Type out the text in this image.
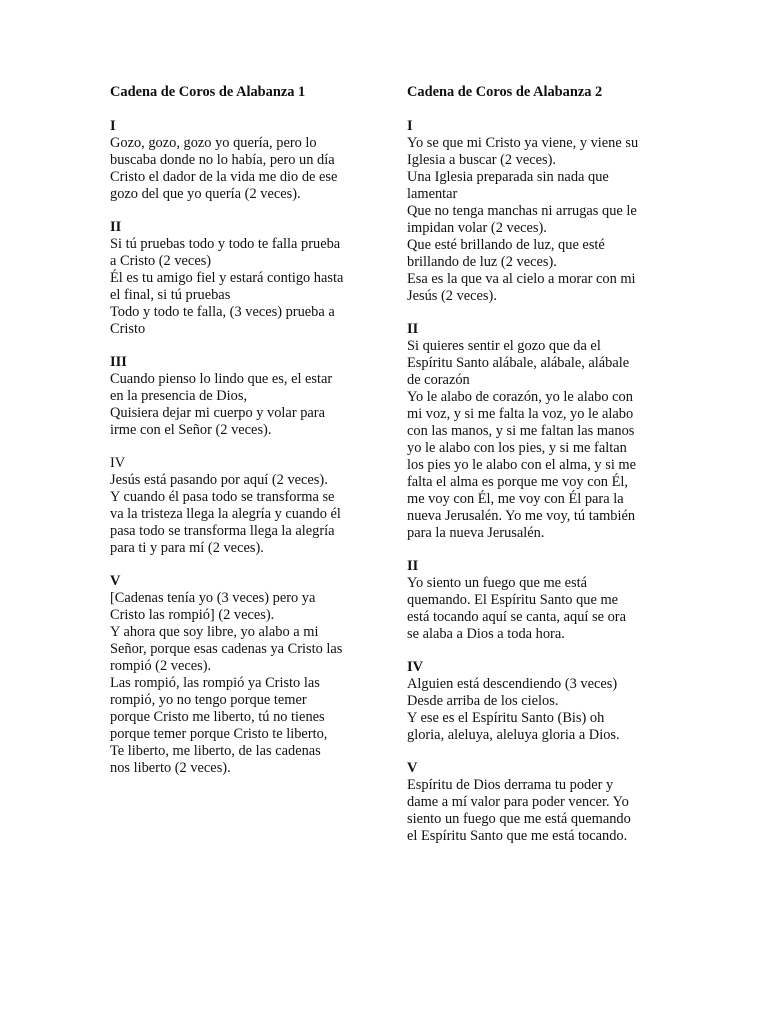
Cadena de Coros de Alabanza 1

I

Gozo, gozo, gozo yo quería, pero lo

buscaba donde no lo había, pero un día

Cristo el dador de la vida me dio de ese

gozo del que yo quería (2 veces).

II

Si tú pruebas todo y todo te falla prueba

a Cristo (2 veces)

Él es tu amigo fiel y estará contigo hasta

el final, si tú pruebas

Todo y todo te falla, (3 veces) prueba a

Cristo

III

Cuando pienso lo lindo que es, el estar

en la presencia de Dios,

Quisiera dejar mi cuerpo y volar para

irme con el Señor (2 veces).

IV

Jesús está pasando por aquí (2 veces).

Y cuando él pasa todo se transforma se

va la tristeza llega la alegría y cuando él

pasa todo se transforma llega la alegría

para ti y para mí (2 veces).

V

[Cadenas tenía yo (3 veces) pero ya

Cristo las rompió] (2 veces).

Y ahora que soy libre, yo alabo a mi

Señor, porque esas cadenas ya Cristo las

rompió (2 veces).

Las rompió, las rompió ya Cristo las

rompió, yo no tengo porque temer

porque Cristo me liberto, tú no tienes

porque temer porque Cristo te liberto,

Te liberto, me liberto, de las cadenas

nos liberto (2 veces).

Cadena de Coros de Alabanza 2

I

Yo se que mi Cristo ya viene, y viene su

Iglesia a buscar (2 veces).

Una Iglesia preparada sin nada que

lamentar

Que no tenga manchas ni arrugas que le

impidan volar (2 veces).

Que esté brillando de luz, que esté

brillando de luz (2 veces).

Esa es la que va al cielo a morar con mi

Jesús (2 veces).

II

Si quieres sentir el gozo que da el

Espíritu Santo alábale, alábale, alábale

de corazón

Yo le alabo de corazón, yo le alabo con

mi voz, y si me falta la voz, yo le alabo

con las manos, y si me faltan las manos

yo le alabo con los pies, y si me faltan

los pies yo le alabo con el alma, y si me

falta el alma es porque me voy con Él,

me voy con Él, me voy con Él para la

nueva Jerusalén. Yo me voy, tú también

para la nueva Jerusalén.

II

Yo siento un fuego que me está

quemando. El Espíritu Santo que me

está tocando aquí se canta, aquí se ora

se alaba a Dios a toda hora.

IV

Alguien está descendiendo (3 veces)

Desde arriba de los cielos.

Y ese es el Espíritu Santo (Bis) oh

gloria, aleluya, aleluya gloria a Dios.

V

Espíritu de Dios derrama tu poder y

dame a mí valor para poder vencer. Yo

siento un fuego que me está quemando

el Espíritu Santo que me está tocando.
